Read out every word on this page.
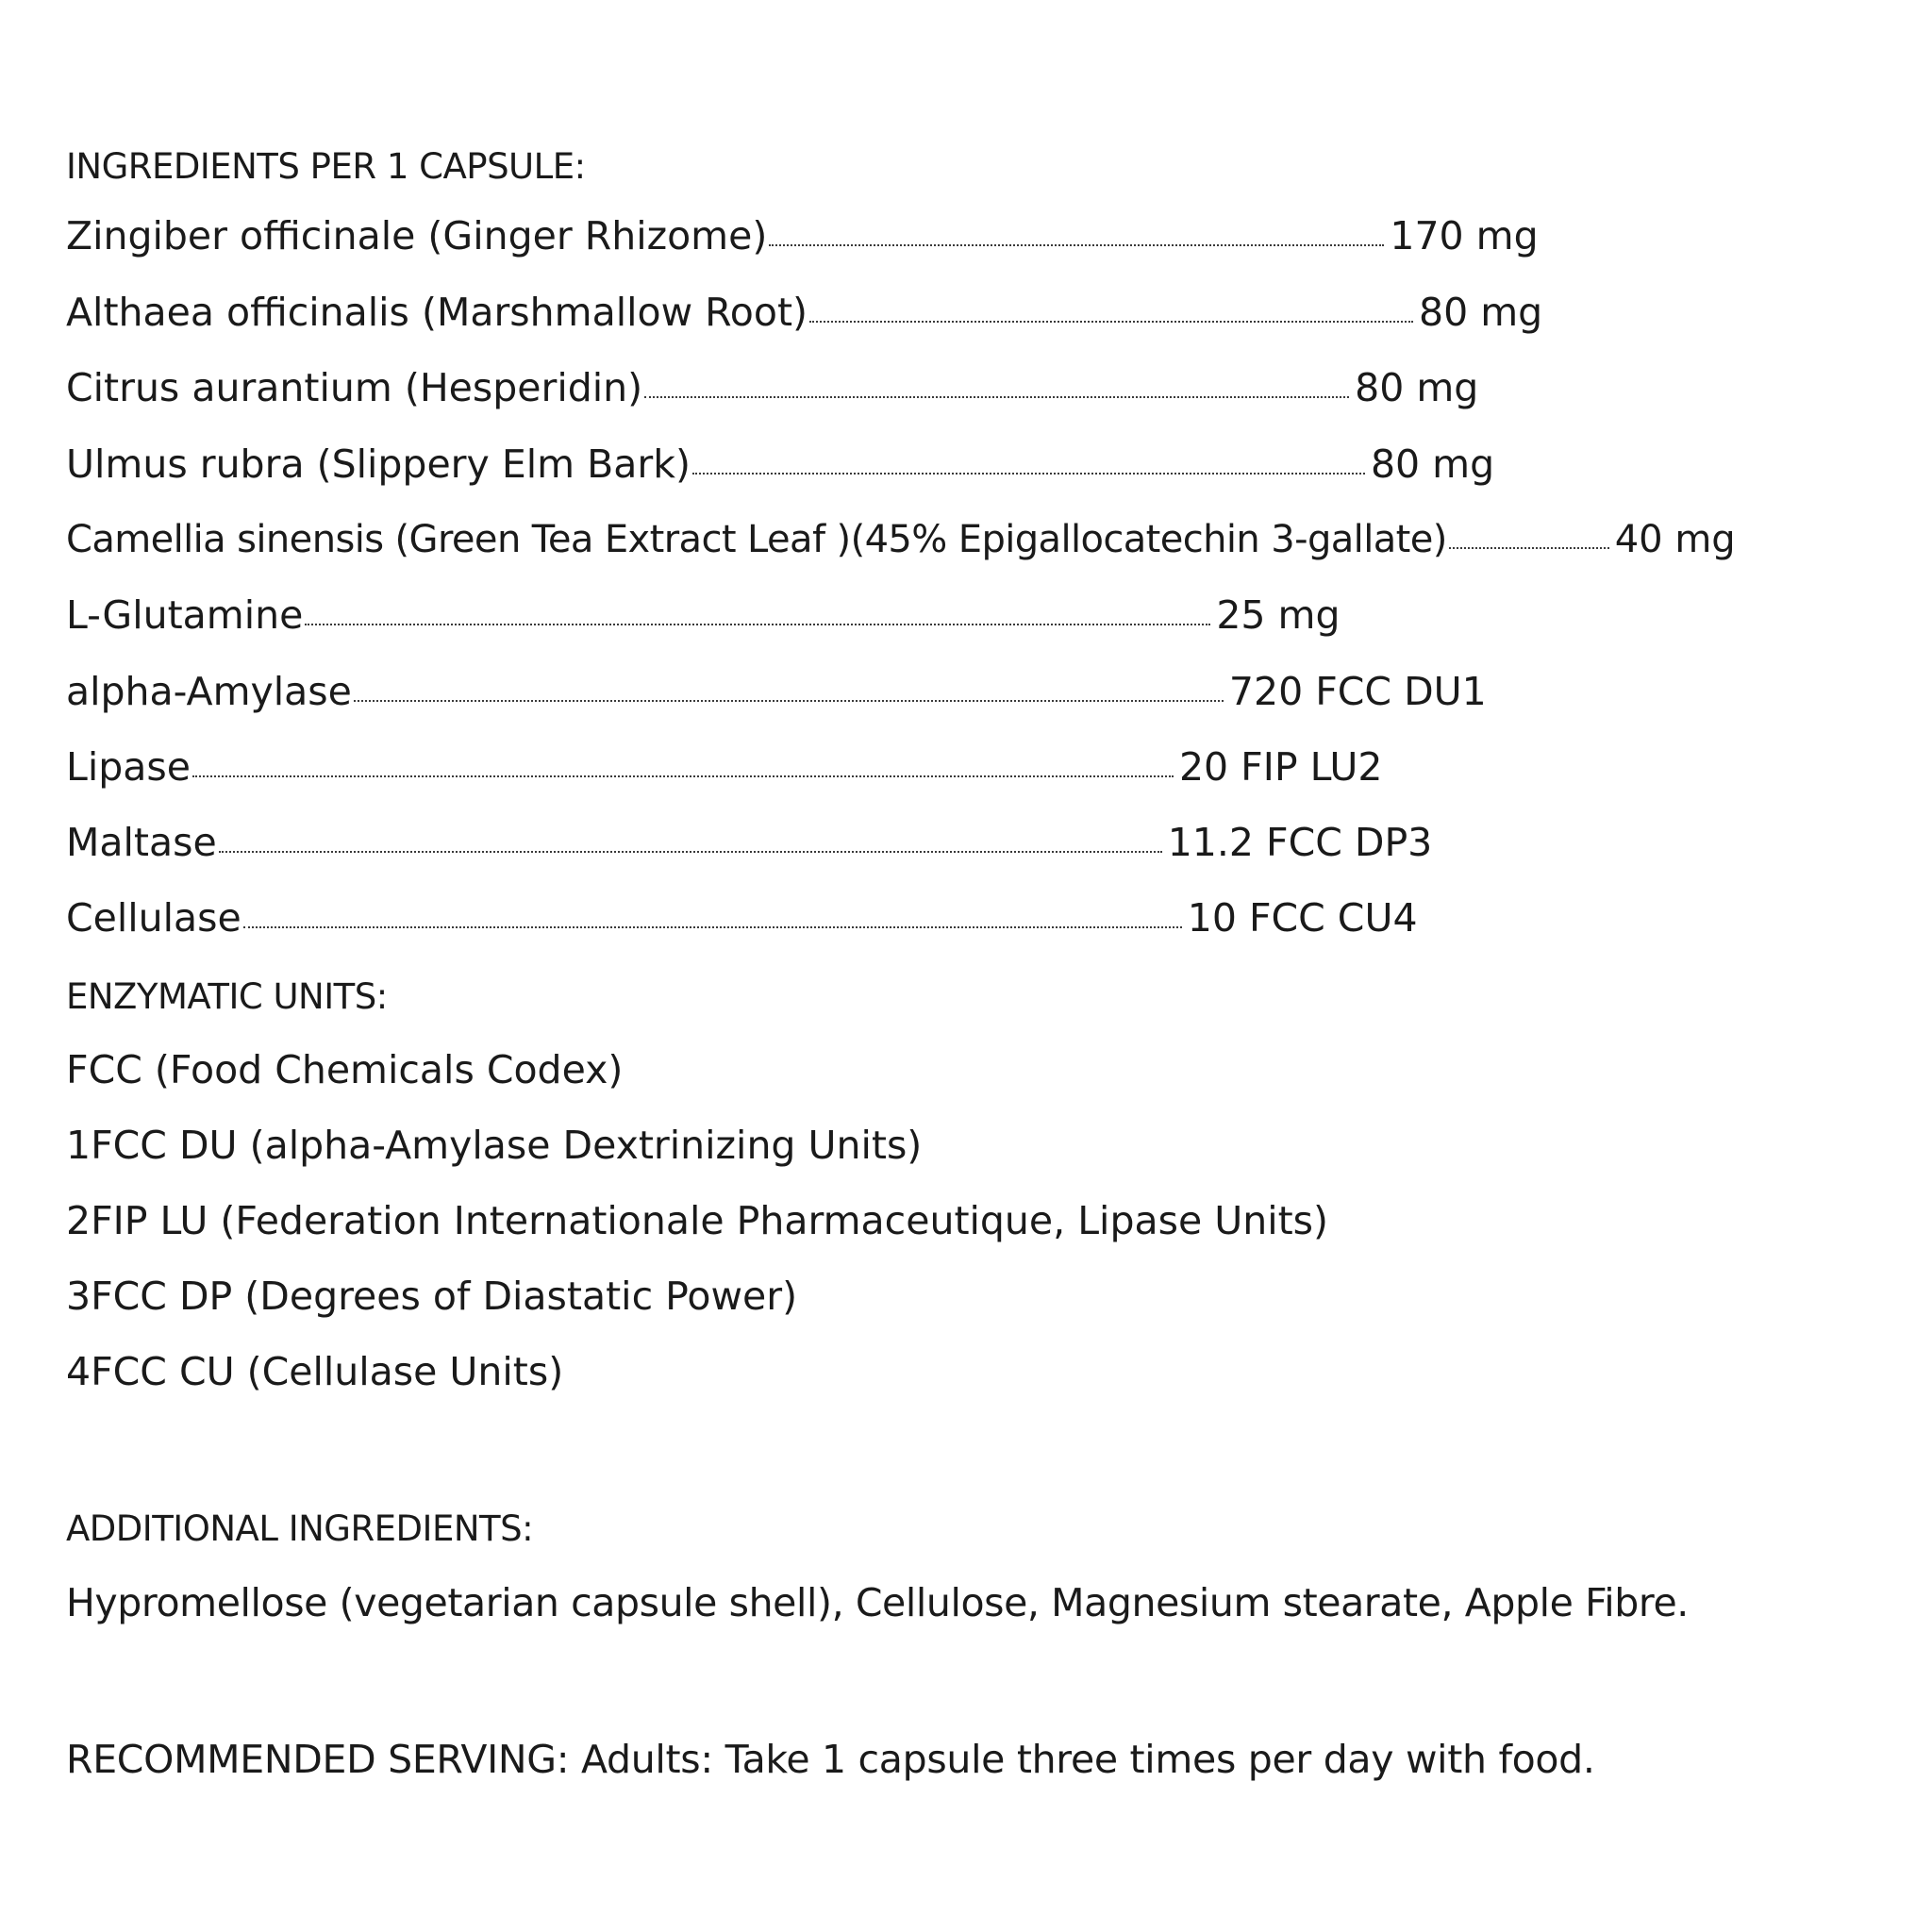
INGREDIENTS PER 1 CAPSULE:
Zingiber officinale (Ginger Rhizome)	170 mg
Althaea officinalis (Marshmallow Root)	80 mg
Citrus aurantium (Hesperidin)	80 mg
Ulmus rubra (Slippery Elm Bark)	80 mg
Camellia sinensis (Green Tea Extract Leaf )(45% Epigallocatechin 3-gallate)	40 mg
L-Glutamine	25 mg
alpha-Amylase	720 FCC DU1
Lipase	20 FIP LU2
Maltase	11.2 FCC DP3
Cellulase	10 FCC CU4
ENZYMATIC UNITS:
FCC (Food Chemicals Codex)
1FCC DU (alpha-Amylase Dextrinizing Units)
2FIP LU (Federation Internationale Pharmaceutique, Lipase Units)
3FCC DP (Degrees of Diastatic Power)
4FCC CU (Cellulase Units)
ADDITIONAL INGREDIENTS:
Hypromellose (vegetarian capsule shell), Cellulose, Magnesium stearate, Apple Fibre.
RECOMMENDED SERVING: Adults: Take 1 capsule three times per day with food.
